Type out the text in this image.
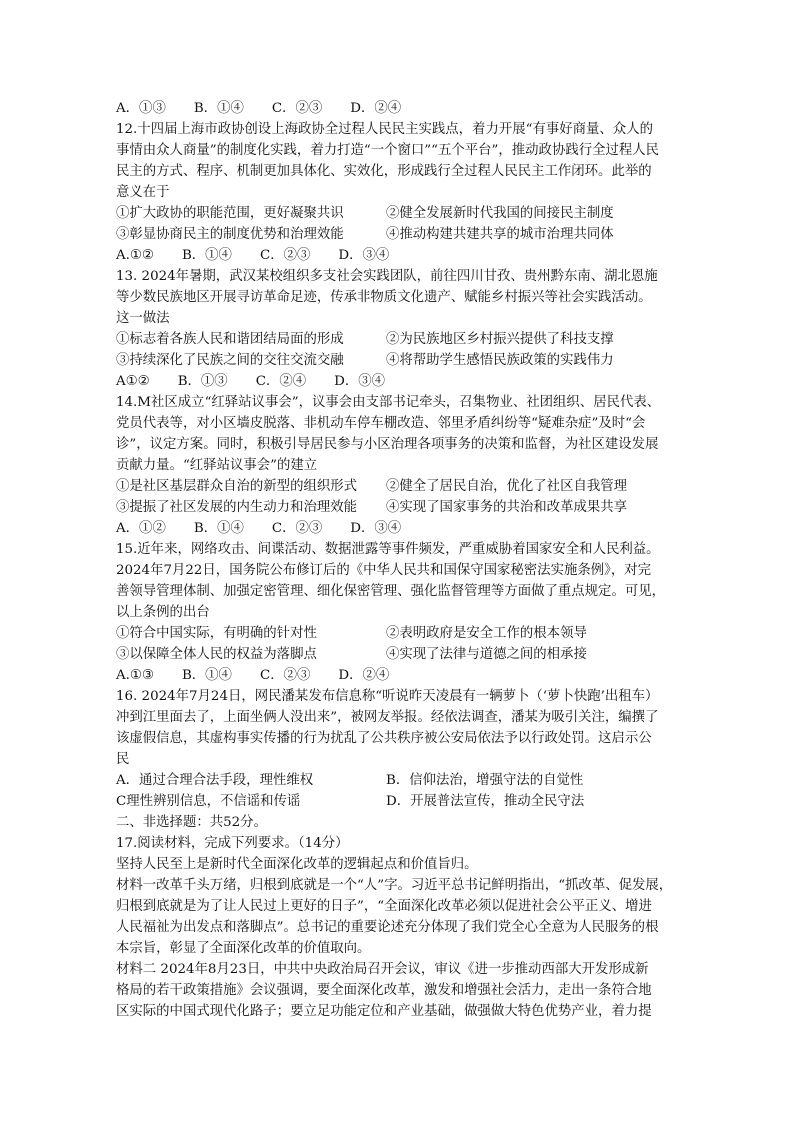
A．①③ B．①④ C．②③ D．②④
12.十四届上海市政协创设上海政协全过程人民民主实践点，着力开展“有事好商量、众人的
事情由众人商量”的制度化实践，着力打造“一个窗口”“五个平台”，推动政协践行全过程人民
民主的方式、程序、机制更加具体化、实效化，形成践行全过程人民民主工作闭环。此举的
意义在于
①扩大政协的职能范围，更好凝聚共识	②健全发展新时代我国的间接民主制度
③彰显协商民主的制度优势和治理效能	④推动构建共建共享的城市治理共同体
A.①② B．①④ C．②③ D．③④
13. 2024年暑期，武汉某校组织多支社会实践团队，前往四川甘孜、贵州黔东南、湖北恩施
等少数民族地区开展寻访革命足迹，传承非物质文化遗产、赋能乡村振兴等社会实践活动。
这一做法
①标志着各族人民和谐团结局面的形成	②为民族地区乡村振兴提供了科技支撑
③持续深化了民族之间的交往交流交融	④将帮助学生感悟民族政策的实践伟力
A①② B．①③ C．②④ D．③④
14.M社区成立“红驿站议事会”，议事会由支部书记牵头，召集物业、社团组织、居民代表、
党员代表等，对小区墙皮脱落、非机动车停车棚改造、邻里矛盾纠纷等“疑难杂症”及时“会
诊”，议定方案。同时，积极引导居民参与小区治理各项事务的决策和监督，为社区建设发展
贡献力量。“红驿站议事会”的建立
①是社区基层群众自治的新型的组织形式	②健全了居民自治，优化了社区自我管理
③提振了社区发展的内生动力和治理效能	④实现了国家事务的共治和改革成果共享
A．①② B．①④ C．②③ D．③④
15.近年来，网络攻击、间谍活动、数据泄露等事件频发，严重威胁着国家安全和人民利益。
2024年7月22日，国务院公布修订后的《中华人民共和国保守国家秘密法实施条例》，对完
善领导管理体制、加强定密管理、细化保密管理、强化监督管理等方面做了重点规定。可见，
以上条例的出台
①符合中国实际，有明确的针对性	②表明政府是安全工作的根本领导
③以保障全体人民的权益为落脚点	④实现了法律与道德之间的相承接
A.①③ B．①④ C．②③ D．②④
16. 2024年7月24日，网民潘某发布信息称“听说昨天凌晨有一辆萝卜（‘萝卜快跑’出租车）
冲到江里面去了，上面坐俩人没出来”，被网友举报。经依法调查，潘某为吸引关注，编撰了
该虚假信息，其虚构事实传播的行为扰乱了公共秩序被公安局依法予以行政处罚。这启示公
民
A．通过合理合法手段，理性维权	B．信仰法治，增强守法的自觉性
C理性辨别信息，不信谣和传谣	D．开展普法宣传，推动全民守法
二、非选择题：共52分。
17.阅读材料，完成下列要求。（14分）
坚持人民至上是新时代全面深化改革的逻辑起点和价值旨归。
材料一改革千头万绪，归根到底就是一个“人”字。习近平总书记鲜明指出，“抓改革、促发展，
归根到底就是为了让人民过上更好的日子”，“全面深化改革必须以促进社会公平正义、增进
人民福祉为出发点和落脚点”。总书记的重要论述充分体现了我们党全心全意为人民服务的根
本宗旨，彰显了全面深化改革的价值取向。
材料二 2024年8月23日，中共中央政治局召开会议，审议《进一步推动西部大开发形成新
格局的若干政策措施》会议强调，要全面深化改革，激发和增强社会活力，走出一条符合地
区实际的中国式现代化路子；要立足功能定位和产业基础，做强做大特色优势产业，着力提
